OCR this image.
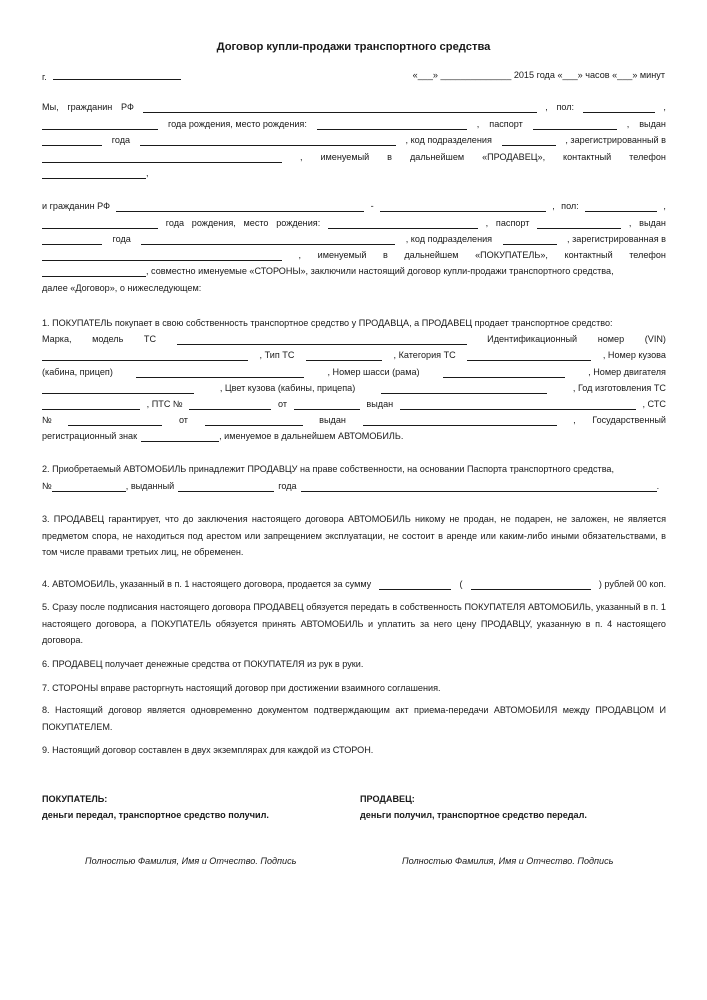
Договор купли-продажи транспортного средства
г.	«___» ______________ 2015 года «___» часов «___» минут
Мы, гражданин РФ	, пол:	,
года рождения, место рождения:	, паспорт	, выдан
года	, код подразделения	, зарегистрированный в
, именуемый в дальнейшем «ПРОДАВЕЦ», контактный телефон
,
и гражданин РФ	-	, пол:	,
года рождения, место рождения:	, паспорт	, выдан
года	, код подразделения	, зарегистрированная в
, именуемый в дальнейшем «ПОКУПАТЕЛЬ», контактный телефон
, совместно именуемые «СТОРОНЫ», заключили настоящий договор купли-продажи транспортного средства,
далее «Договор», о нижеследующем:
1. ПОКУПАТЕЛЬ покупает в свою собственность транспортное средство у ПРОДАВЦА, а ПРОДАВЕЦ продает транспортное средство:
Марка, модель ТС	Идентификационный номер (VIN)
, Тип ТС	, Категория ТС	, Номер кузова
(кабина, прицеп)	, Номер шасси (рама)	, Номер двигателя
, Цвет кузова (кабины, прицепа)	, Год изготовления ТС
, ПТС №	от	выдан	, СТС
№	от	выдан	, Государственный
регистрационный знак	, именуемое в дальнейшем АВТОМОБИЛЬ.
2. Приобретаемый АВТОМОБИЛЬ принадлежит ПРОДАВЦУ на праве собственности, на основании Паспорта транспортного средства,
№	, выданный	года	.
3. ПРОДАВЕЦ гарантирует, что до заключения настоящего договора АВТОМОБИЛЬ никому не продан, не подарен, не заложен, не является предметом спора, не находиться под арестом или запрещением эксплуатации, не состоит в аренде или каким-либо иными обязательствами, в том числе правами третьих лиц, не обременен.
4. АВТОМОБИЛЬ, указанный в п. 1 настоящего договора, продается за сумму	(	) рублей 00 коп.
5. Сразу после подписания настоящего договора ПРОДАВЕЦ обязуется передать в собственность ПОКУПАТЕЛЯ АВТОМОБИЛЬ, указанный в п. 1 настоящего договора, а ПОКУПАТЕЛЬ обязуется принять АВТОМОБИЛЬ и уплатить за него цену ПРОДАВЦУ, указанную в п. 4 настоящего договора.
6. ПРОДАВЕЦ получает денежные средства от ПОКУПАТЕЛЯ из рук в руки.
7. СТОРОНЫ вправе расторгнуть настоящий договор при достижении взаимного соглашения.
8. Настоящий договор является одновременно документом подтверждающим акт приема-передачи АВТОМОБИЛЯ между ПРОДАВЦОМ И ПОКУПАТЕЛЕМ.
9. Настоящий договор составлен в двух экземплярах для каждой из СТОРОН.
ПОКУПАТЕЛЬ:
деньги передал, транспортное средство получил.
ПРОДАВЕЦ:
деньги получил, транспортное средство передал.
Полностью Фамилия, Имя и Отчество. Подпись	Полностью Фамилия, Имя и Отчество. Подпись
